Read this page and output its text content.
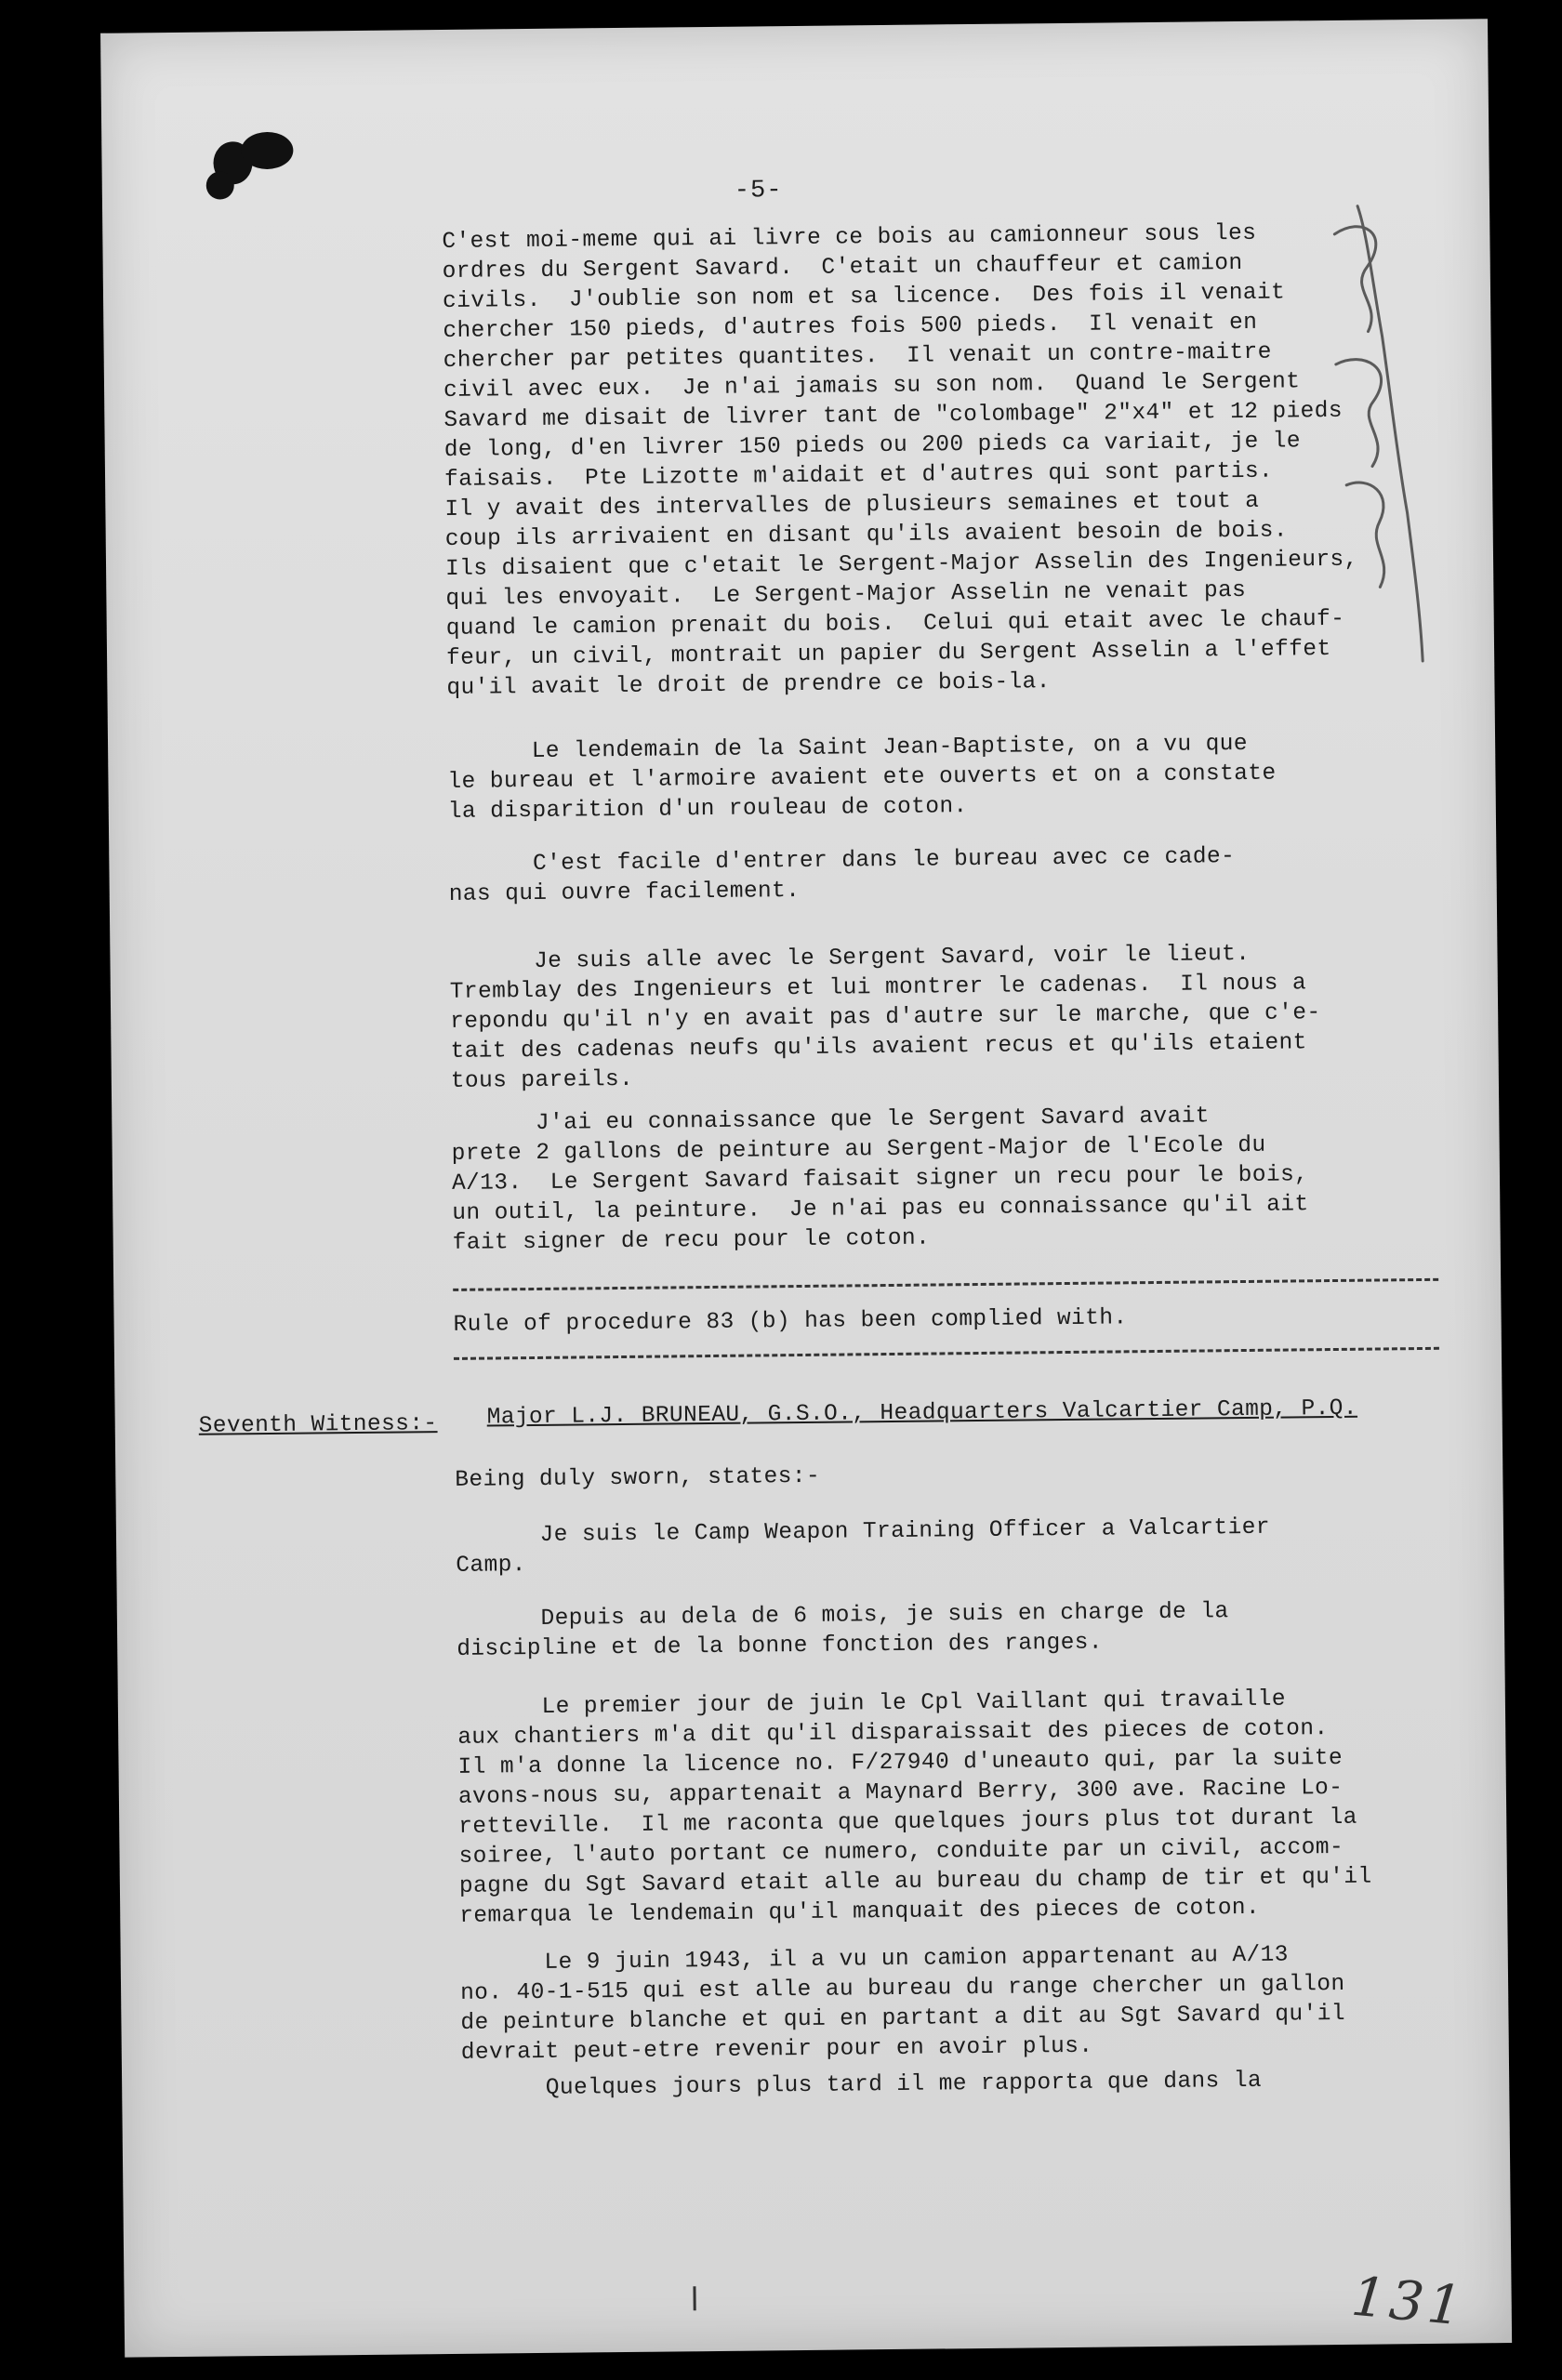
-5-
C'est moi-meme qui ai livre ce bois au camionneur sous les
ordres du Sergent Savard.  C'etait un chauffeur et camion
civils.  J'oublie son nom et sa licence.  Des fois il venait
chercher 150 pieds, d'autres fois 500 pieds.  Il venait en
chercher par petites quantites.  Il venait un contre-maitre
civil avec eux.  Je n'ai jamais su son nom.  Quand le Sergent
Savard me disait de livrer tant de "colombage" 2"x4" et 12 pieds
de long, d'en livrer 150 pieds ou 200 pieds ca variait, je le
faisais.  Pte Lizotte m'aidait et d'autres qui sont partis.
Il y avait des intervalles de plusieurs semaines et tout a
coup ils arrivaient en disant qu'ils avaient besoin de bois.
Ils disaient que c'etait le Sergent-Major Asselin des Ingenieurs,
qui les envoyait.  Le Sergent-Major Asselin ne venait pas
quand le camion prenait du bois.  Celui qui etait avec le chauf-
feur, un civil, montrait un papier du Sergent Asselin a l'effet
qu'il avait le droit de prendre ce bois-la.
Le lendemain de la Saint Jean-Baptiste, on a vu que
le bureau et l'armoire avaient ete ouverts et on a constate
la disparition d'un rouleau de coton.
C'est facile d'entrer dans le bureau avec ce cade-
nas qui ouvre facilement.
Je suis alle avec le Sergent Savard, voir le lieut.
Tremblay des Ingenieurs et lui montrer le cadenas.  Il nous a
repondu qu'il n'y en avait pas d'autre sur le marche, que c'e-
tait des cadenas neufs qu'ils avaient recus et qu'ils etaient
tous pareils.
J'ai eu connaissance que le Sergent Savard avait
prete 2 gallons de peinture au Sergent-Major de l'Ecole du
A/13.  Le Sergent Savard faisait signer un recu pour le bois,
un outil, la peinture.  Je n'ai pas eu connaissance qu'il ait
fait signer de recu pour le coton.
Rule of procedure 83 (b) has been complied with.
Seventh Witness:- Major L.J. BRUNEAU, G.S.O., Headquarters Valcartier Camp, P.Q.
Being duly sworn, states:-
Je suis le Camp Weapon Training Officer a Valcartier
Camp.
Depuis au dela de 6 mois, je suis en charge de la
discipline et de la bonne fonction des ranges.
Le premier jour de juin le Cpl Vaillant qui travaille
aux chantiers m'a dit qu'il disparaissait des pieces de coton.
Il m'a donne la licence no. F/27940 d'uneauto qui, par la suite
avons-nous su, appartenait a Maynard Berry, 300 ave. Racine Lo-
retteville.  Il me raconta que quelques jours plus tot durant la
soiree, l'auto portant ce numero, conduite par un civil, accom-
pagne du Sgt Savard etait alle au bureau du champ de tir et qu'il
remarqua le lendemain qu'il manquait des pieces de coton.
Le 9 juin 1943, il a vu un camion appartenant au A/13
no. 40-1-515 qui est alle au bureau du range chercher un gallon
de peinture blanche et qui en partant a dit au Sgt Savard qu'il
devrait peut-etre revenir pour en avoir plus.
Quelques jours plus tard il me rapporta que dans la
131
